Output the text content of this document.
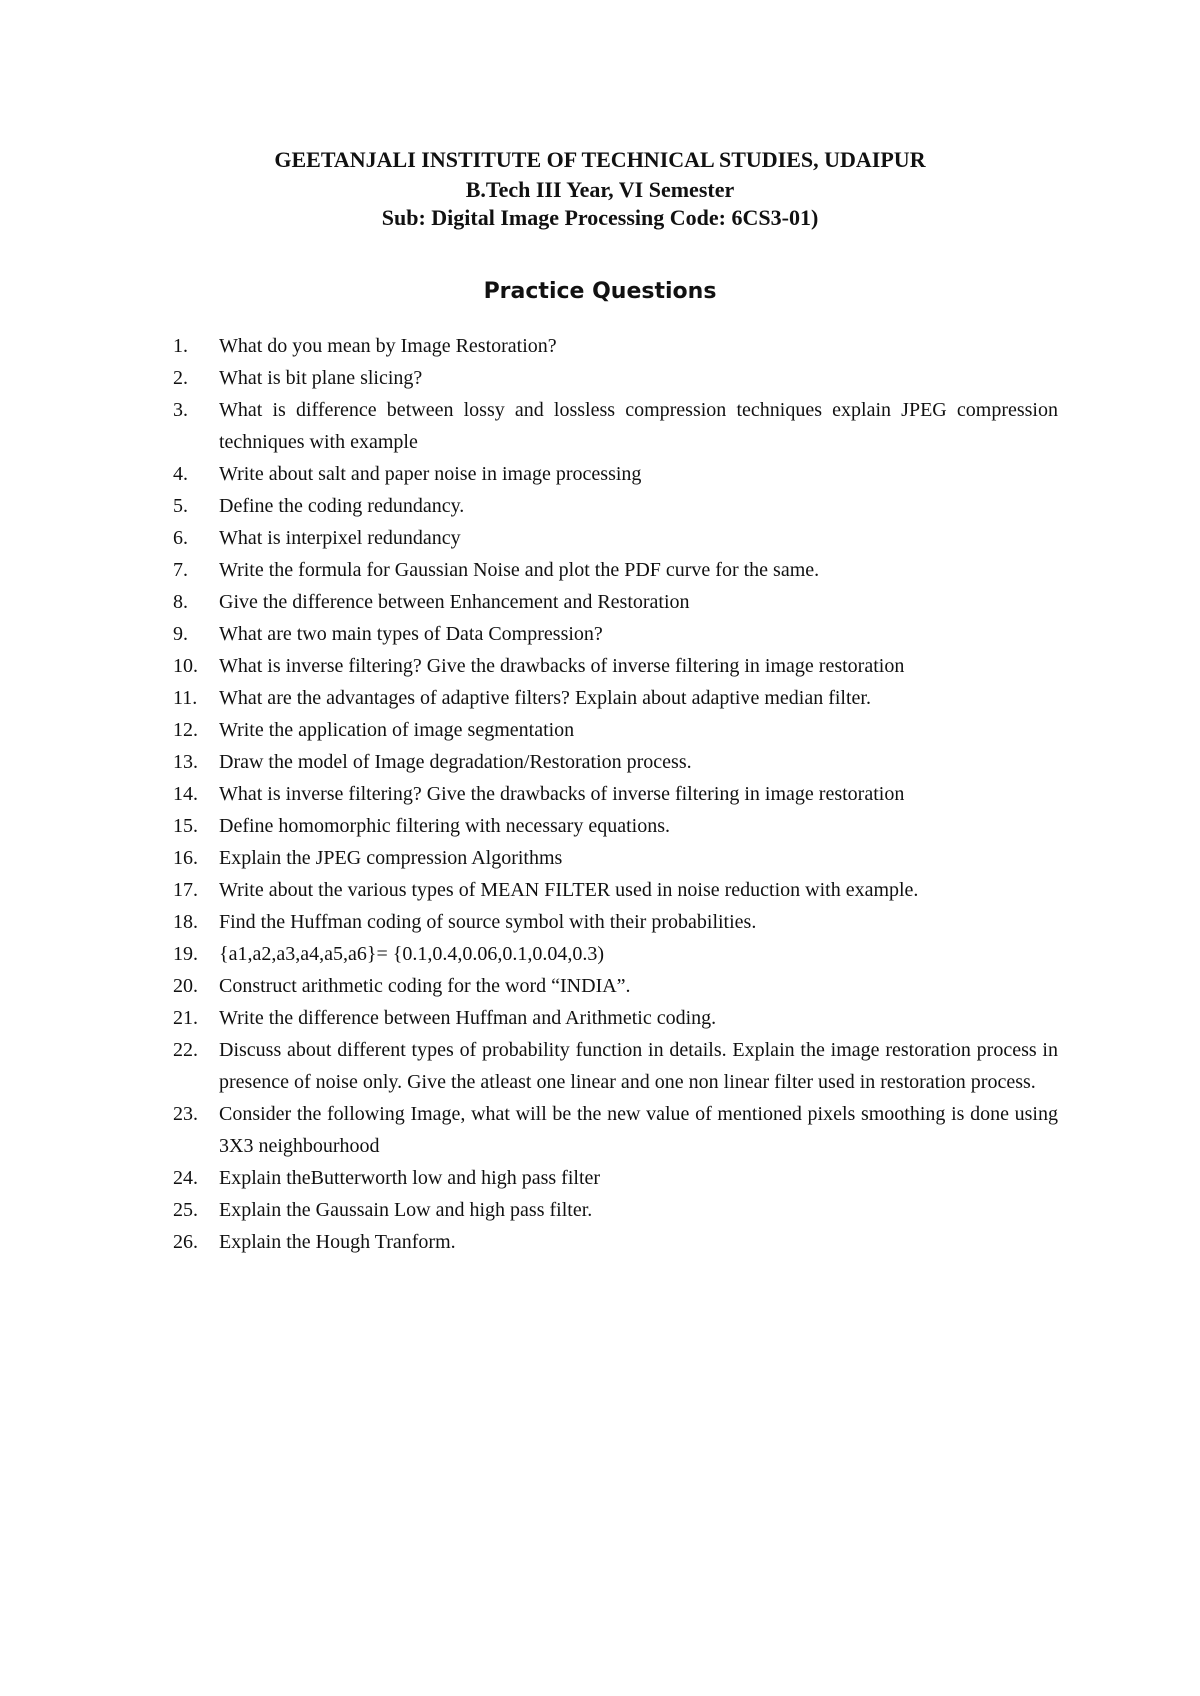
GEETANJALI INSTITUTE OF TECHNICAL STUDIES, UDAIPUR
B.Tech III Year, VI Semester
Sub: Digital Image Processing Code: 6CS3-01)
Practice Questions
1.	What do you mean by Image Restoration?
2.	What is bit plane slicing?
3.	What is difference between lossy and lossless compression techniques explain JPEG compression techniques with example
4.	Write about salt and paper noise in image processing
5.	Define the coding redundancy.
6.	What is interpixel redundancy
7.	Write the formula for Gaussian Noise and plot the PDF curve for the same.
8.	Give the difference between Enhancement and Restoration
9.	What are two main types of Data Compression?
10.	What is inverse filtering? Give the drawbacks of inverse filtering in image restoration
11.	What are the advantages of adaptive filters? Explain about adaptive median filter.
12.	Write the application of image segmentation
13.	Draw the model of Image degradation/Restoration process.
14.	What is inverse filtering? Give the drawbacks of inverse filtering in image restoration
15.	Define homomorphic filtering with necessary equations.
16.	Explain the JPEG compression Algorithms
17.	Write about the various types of MEAN FILTER used in noise reduction with example.
18.	Find the Huffman coding of source symbol with their probabilities.
19.	{a1,a2,a3,a4,a5,a6}= {0.1,0.4,0.06,0.1,0.04,0.3)
20.	Construct arithmetic coding for the word “INDIA”.
21.	Write the difference between Huffman and Arithmetic coding.
22.	Discuss about different types of probability function in details. Explain the image restoration process in presence of noise only. Give the atleast one linear and one non linear filter used in restoration process.
23.	Consider the following Image, what will be the new value of mentioned pixels smoothing is done using 3X3 neighbourhood
24.	Explain theButterworth low and high pass filter
25.	Explain the Gaussain Low and high pass filter.
26.	Explain the Hough Tranform.
